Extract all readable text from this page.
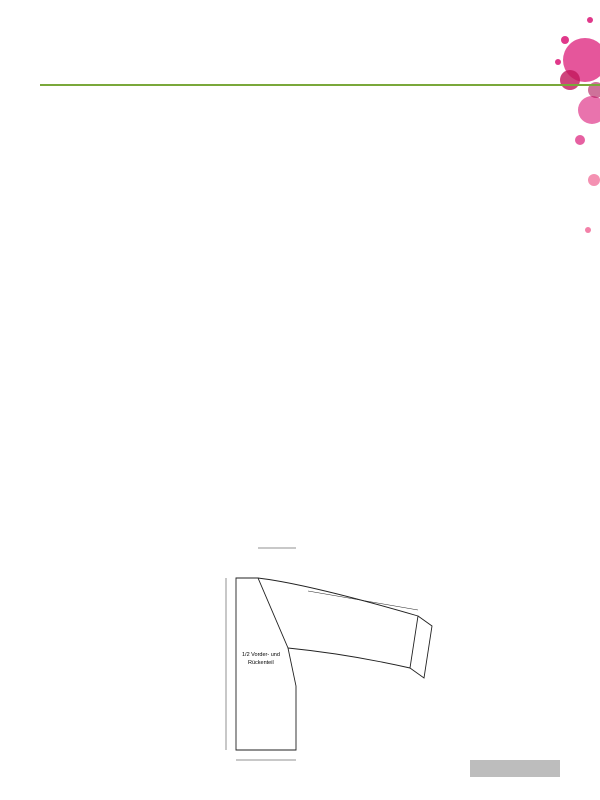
1/2 Vorder- und
Rückenteil
